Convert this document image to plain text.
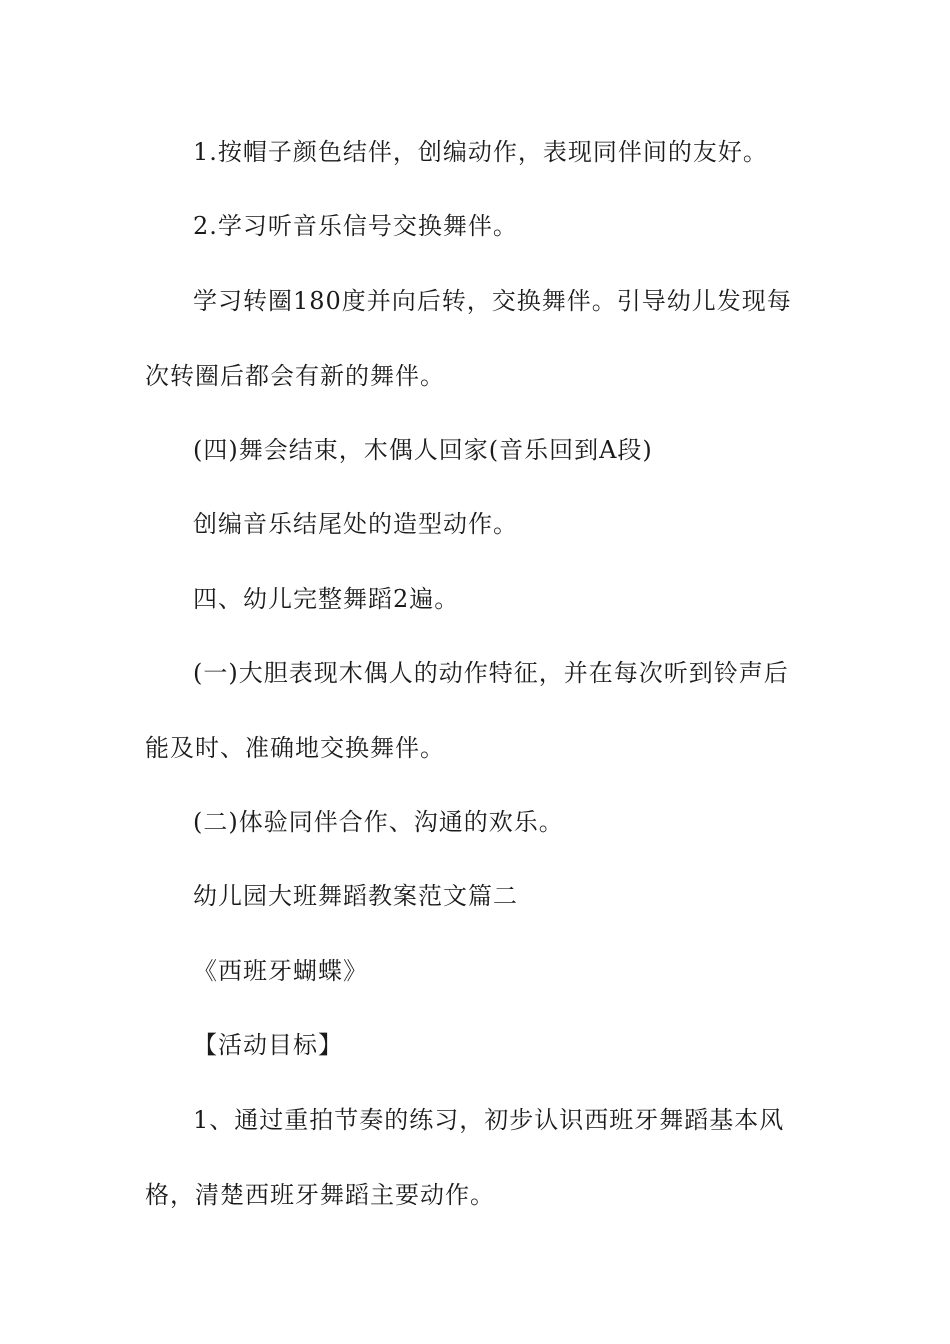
1.按帽子颜色结伴，创编动作，表现同伴间的友好。

2.学习听音乐信号交换舞伴。

学习转圈180度并向后转，交换舞伴。引导幼儿发现每次转圈后都会有新的舞伴。

(四)舞会结束，木偶人回家(音乐回到A段)

创编音乐结尾处的造型动作。

四、幼儿完整舞蹈2遍。

(一)大胆表现木偶人的动作特征，并在每次听到铃声后能及时、准确地交换舞伴。

(二)体验同伴合作、沟通的欢乐。

幼儿园大班舞蹈教案范文篇二

《西班牙蝴蝶》

【活动目标】

1、通过重拍节奏的练习，初步认识西班牙舞蹈基本风格，清楚西班牙舞蹈主要动作。
